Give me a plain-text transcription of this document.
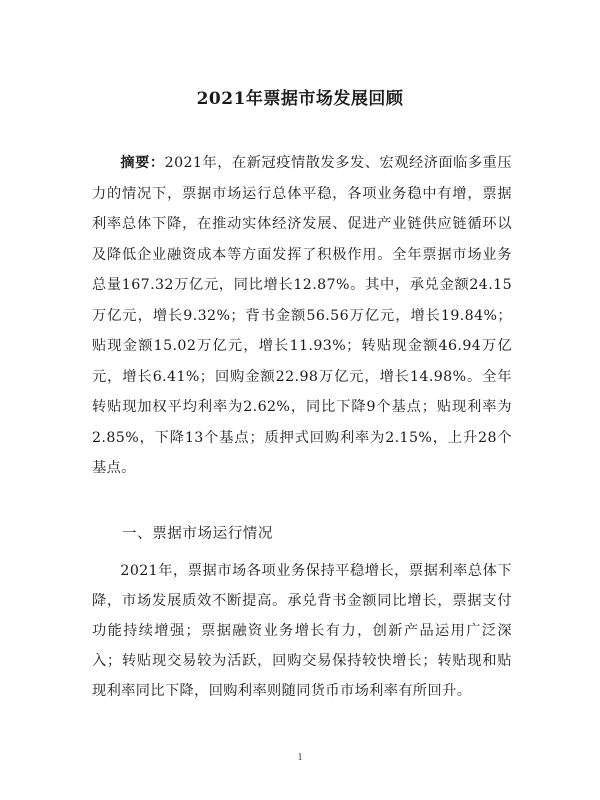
2021年票据市场发展回顾

摘要：2021年，在新冠疫情散发多发、宏观经济面临多重压力的情况下，票据市场运行总体平稳，各项业务稳中有增，票据利率总体下降，在推动实体经济发展、促进产业链供应链循环以及降低企业融资成本等方面发挥了积极作用。全年票据市场业务总量167.32万亿元，同比增长12.87%。其中，承兑金额24.15万亿元，增长9.32%；背书金额56.56万亿元，增长19.84%；贴现金额15.02万亿元，增长11.93%；转贴现金额46.94万亿元，增长6.41%；回购金额22.98万亿元，增长14.98%。全年转贴现加权平均利率为2.62%，同比下降9个基点；贴现利率为2.85%，下降13个基点；质押式回购利率为2.15%，上升28个基点。

一、票据市场运行情况

2021年，票据市场各项业务保持平稳增长，票据利率总体下降，市场发展质效不断提高。承兑背书金额同比增长，票据支付功能持续增强；票据融资业务增长有力，创新产品运用广泛深入；转贴现交易较为活跃，回购交易保持较快增长；转贴现和贴现利率同比下降，回购利率则随同货币市场利率有所回升。

1
